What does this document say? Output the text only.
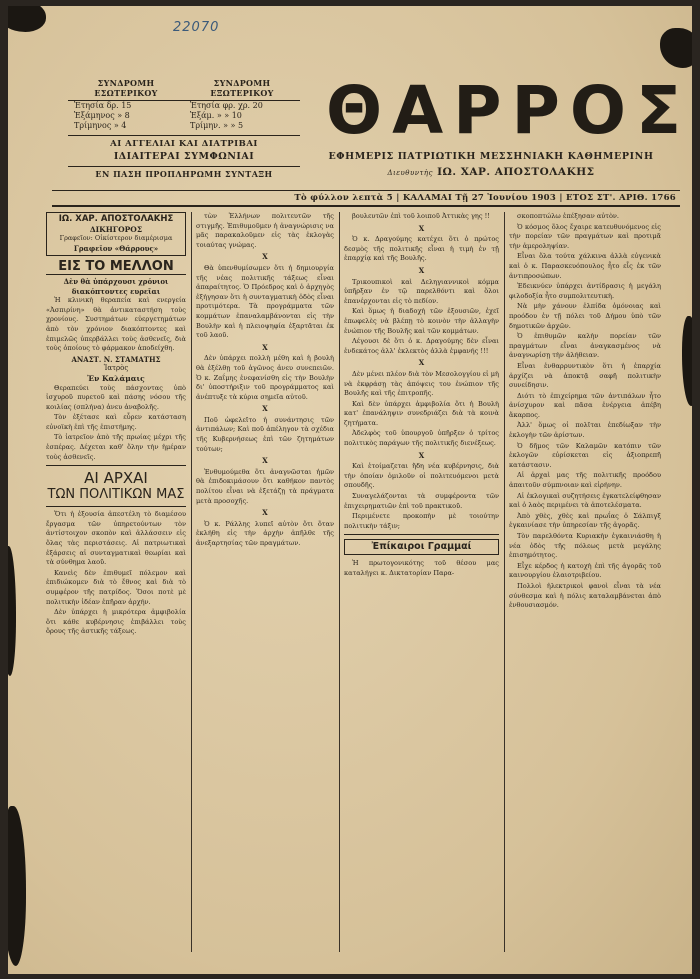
22070
ΣΥΝΔΡΟΜΗ ΕΣΩΤΕΡΙΚΟΥ
ΣΥΝΔΡΟΜΗ ΕΞΩΤΕΡΙΚΟΥ
Ἐτησία δρ. 15	Ἐτησία φρ. χρ. 20
Ἑξάμηνος » 8	Ἑξάμ. » » 10
Τρίμηνος » 4	Τρίμην. » » 5
ΑΙ ΑΓΓΕΛΙΑΙ ΚΑΙ ΔΙΑΤΡΙΒΑΙ
ΙΔΙΑΙΤΕΡΑΙ ΣΥΜΦΩΝΙΑΙ
ΕΝ ΠΑΣΗ ΠΡΟΠΛΗΡΩΜΗ ΣΥΝΤΑΞΗ
ΘΑΡΡΟΣ
ΕΦΗΜΕΡΙΣ ΠΑΤΡΙΩΤΙΚΗ ΜΕΣΣΗΝΙΑΚΗ ΚΑΘΗΜΕΡΙΝΗ
Διευθυντὴς ΙΩ. ΧΑΡ. ΑΠΟΣΤΟΛΑΚΗΣ
Τὸ φύλλον λεπτὰ 5 | ΚΑΛΑΜΑΙ Τῇ 27 Ἰουνίου 1903 | ΕΤΟΣ ΣΤ'. ΑΡΙΘ. 1766
ΙΩ. ΧΑΡ. ΑΠΟΣΤΟΛΑΚΗΣ
ΔΙΚΗΓΟΡΟΣ
Γραφεῖον: Οἰκίστερον διαμέρισμα
Γραφεῖον «Θάρρους»
ΕΙΣ ΤΟ ΜΕΛΛΟΝ
Δὲν θὰ ὑπάρχουσι χρόνιοι
διακόπτοντες ευρεῖαι

Ἡ κλινικὴ θεραπεία καὶ ενεργεία «Ἀσπιρίνη» θὰ ἀντικαταστήση τοὺς χρονίους. Συστημάτων εὐεργετημάτων ἀπὸ τὸν χρόνιον διακόπτοντες καὶ ἐπιμελῶς ὑπερβάλλει τοὺς ἀσθενεῖς, διὰ τοὺς ὁποίους τὸ φάρμακον ἀποδείχθη.

ΑΝΑΣΤ. Ν. ΣΤΑΜΑΤΗΣ
Ἰατρὸς
Ἐν Καλάμαις

Θεραπεύει τοὺς πάσχοντας ὑπὸ ἰσχυροῦ πυρετοῦ καὶ πάσης νόσου τῆς κοιλίας (σπλήνα) ἀνευ ἀναβολῆς.

Τὸν ἐξέτασε καὶ εὗρεν κατάσταση εὐνοϊκὴ ἐπὶ τῆς ἐπιστήμης.

Τὸ ἰατρεῖον ἀπὸ τῆς πρωίας μέχρι τῆς ἑσπέρας. Δέχεται καθ' ὅλην τὴν ἡμέραν τοὺς ἀσθενεῖς.

ΑΙ ΑΡΧΑΙ
ΤΩΝ ΠΟΛΙΤΙΚΩΝ ΜΑΣ

Ὅτι ἡ ἐξουσία ἀπεστέλη τὸ διαμέσου ἔργασμα τῶν ὑπηρετούντων τὸν ἀντίστοιχον σκοπὸν καὶ ἀλλάσσειν εἰς ὅλας τὰς περιστάσεις. Αἱ πατριωτικαὶ ἐξάρσεις αἱ συνταγματικαὶ θεωρίαι καὶ τὰ σύνθημα λαοῦ.

Κανεὶς δὲν ἐπιθυμεῖ πόλεμον καὶ ἐπιδιώκομεν διὰ τὸ ἔθνος καὶ διὰ τὸ συμφέρον τῆς πατρίδος. Ὅσοι ποτὲ μὲ πολιτικὴν ἰδέαν ἐπῆραν ἀρχήν.

Δὲν ὑπάρχει ἡ μικρότερα ἀμφιβολία ὅτι κάθε κυβέρνησις ἐπιβάλλει τοὺς ὅρους τῆς ἀστικῆς τάξεως.

τὼν Ἑλλήνων πολιτευτῶν τῆς στιγμῆς. Ἐπιθυμοῦμεν ἡ ἀναγνώρισις να μᾶς παρακαλοῦμεν εἰς τὰς ἐκλογὰς τοιαύτας γνώμας.

X

Θὰ ὑπενθυμίσωμεν ὅτι ἡ δημιουργία τῆς νέας πολιτικῆς τάξεως εἶναι ἀπαραίτητος. Ὁ Πρόεδρος καὶ ὁ ἀρχηγὸς ἐξήγησαν ὅτι ἡ συνταγματικὴ ὁδὸς εἶναι προτιμότερα. Τὰ προγράμματα τῶν κομμάτων ἐπαναλαμβάνονται εἰς τὴν Βουλὴν καὶ ἡ πλειοψηφία ἐξαρτᾶται ἐκ τοῦ λαοῦ.

X

Δὲν ὑπάρχει πολλὴ μέθη καὶ ἡ βουλὴ θὰ ἐξέλθῃ τοῦ ἀγῶνος ἀνευ συνεπειῶν. Ὁ κ. Ζαΐμης ἐνεφανίσθη εἰς τὴν Βουλὴν δι' ὑποστήριξιν τοῦ προγράμματος καὶ ἀνέπτυξε τὰ κύρια σημεῖα αὐτοῦ.

X

Ποῦ ὠφελεῖτο ἡ συνάντησις τῶν ἀντιπάλων; Καὶ ποῦ ἀπέληγον τὰ σχέδια τῆς Κυβερνήσεως ἐπὶ τῶν ζητημάτων τούτων;

X

Ἐνθυμούμεθα ὅτι ἀναγνῶσται ἡμῶν θὰ ἐπιδοκιμάσουν ὅτι καθήκον παντὸς πολίτου εἶναι νὰ ἐξετάζῃ τὰ πράγματα μετὰ προσοχῆς.

X

Ὁ κ. Ράλλης λυπεῖ αὐτὸν ὅτι ὅταν ἐκλήθη εἰς τὴν ἀρχὴν ἀπῆλθε τῆς ἀνεξαρτησίας τῶν πραγμάτων.

βουλευτῶν ἐπὶ τοῦ λοιποῦ Ἀττικὰς γης !!

X

Ὁ κ. Δραγούμης κατέχει ὅτι ὁ πρώτος δεσμὸς τῆς πολιτικῆς εἶναι ἡ τιμὴ ἐν τῇ ἐπαρχίᾳ καὶ τῆς Βουλῆς.

X

Τρικουπικοὶ καὶ Δεληγιαννικοὶ κόμμα ὑπῆρξαν ἐν τῷ παρελθόντι καὶ ὅλοι ἐπανέρχονται εἰς τὸ πεδίον.

Καὶ ὅμως ἡ διαδοχὴ τῶν ἐξουσιῶν, ἐχεῖ ἐπωφελὲς νὰ βλέπῃ τὸ κοινὸν τὴν ἀλλαγὴν ἐνώπιον τῆς Βουλῆς καὶ τῶν κομμάτων.

Λέγουσι δὲ ὅτι ὁ κ. Δραγούμης δὲν εἶναι ἐνδεκάτος ἀλλ' ἐκλεκτὸς ἀλλὰ ἐμφανής !!!

X

Δὲν μένει πλέον διὰ τὸν Μεσολογγίου εἰ μὴ νὰ ἐκφράσῃ τὰς ἀπόψεις του ἐνώπιον τῆς Βουλῆς καὶ τῆς ἐπιτροπῆς.

Καὶ δὲν ὑπάρχει ἀμφιβολία ὅτι ἡ Βουλὴ κατ' ἐπανάληψιν συνεδριάζει διὰ τὰ κοινὰ ζητήματα.

Ἀδελφὸς τοῦ ὑπουργοῦ ὑπῆρξεν ὁ τρίτος πολιτικὸς παράγων τῆς πολιτικῆς διενέξεως.

X

Καὶ ἑτοίμαζεται ἤδη νέα κυβέρνησις, διὰ τὴν ὁποίαν ὁμιλοῦν οἱ πολιτευόμενοι μετὰ σπουδῆς.

Συναγελάζονται τὰ συμφέροντα τῶν ἐπιχειρηματιῶν ἐπὶ τοῦ πρακτικοῦ.

Περιμένετε προκοπὴν μὲ τοιούτην πολιτικὴν τάξιν;

Ἐπίκαιροι Γραμμαί

Ἡ πρωτογονικότης τοῦ θέσου μας καταλήγει κ. Δικτατορίαν Παρα-

σκοποπτώλω ἐπέξησαν αὐτὸν.

Ὁ κόσμος ὅλος ἔχαιρε κατευθυνόμενος εἰς τὴν πορείαν τῶν πραγμάτων καὶ προτιμᾶ τὴν ἀμεροληψίαν.

Εἶναι ὅλα τούτα χάλκινα ἀλλὰ εὐγενικὰ καὶ ὁ κ. Παρασκευόπουλος ἦτο εἷς ἐκ τῶν ἀντιπροσώπων.

Ἐδεικνύεν ὑπάρχει ἀντίδρασις ἡ μεγάλη φιλοδοξία ἦτο συμπολιτευτικὴ.

Νὰ μὴν χάνουν ἐλπίδα ὁμόνοιας καὶ προόδου ἐν τῇ πόλει τοῦ Δήμου ὑπὸ τῶν δημοτικῶν ἀρχῶν.

Ὁ ἐπιθυμῶν καλὴν πορείαν τῶν πραγμάτων εἶναι ἀναγκασμένος νὰ ἀναγνωρίσῃ τὴν ἀλήθειαν.

Εἶναι ἐνθαρρυντικὸν ὅτι ἡ ἐπαρχία ἀρχίζει νὰ ἀποκτᾷ σαφῆ πολιτικὴν συνείδησιν.

Διότι τὸ ἐπιχείρημα τῶν ἀντιπάλων ἦτο ἀνίσχυρον καὶ πᾶσα ἐνέργεια ἀπέβη ἄκαρπος.

Ἀλλ' ὅμως οἱ πολῖται ἐπεδίωξαν τὴν ἐκλογὴν τῶν ἀρίστων.

Ὁ δῆμος τῶν Καλαμῶν κατόπιν τῶν ἐκλογῶν εὑρίσκεται εἰς ἀξιοπρεπῆ κατάστασιν.

Αἱ ἀρχαὶ μας τῆς πολιτικῆς προόδου ἀπαιτοῦν σύμπνοιαν καὶ εἰρήνην.

Αἱ ἐκλογικαὶ συζητήσεις ἐγκατελείφθησαν καὶ ὁ λαὸς περιμένει τὰ ἀποτελέσματα.

Ἀπὸ χθὲς, χθὲς καὶ πρωΐας ὁ Σάλπιγξ ἐγκαινίασε τὴν ὑπηρεσίαν τῆς ἀγορᾶς.

Τὸν παρελθόντα Κυριακὴν ἐγκαινιάσθη ἡ νέα ὁδὸς τῆς πόλεως μετὰ μεγάλης ἐπισημότητος.

Εἶχε κέρδος ἡ κατοχὴ ἐπὶ τῆς ἀγορᾶς τοῦ καινουργίου ἐλαιοτριβείου.

Πολλοὶ ἠλεκτρικοὶ φανοὶ εἶναι τὰ νέα σύνθεσμα καὶ ἡ πόλις καταλαμβάνεται ἀπὸ ἐνθουσιασμόν.
